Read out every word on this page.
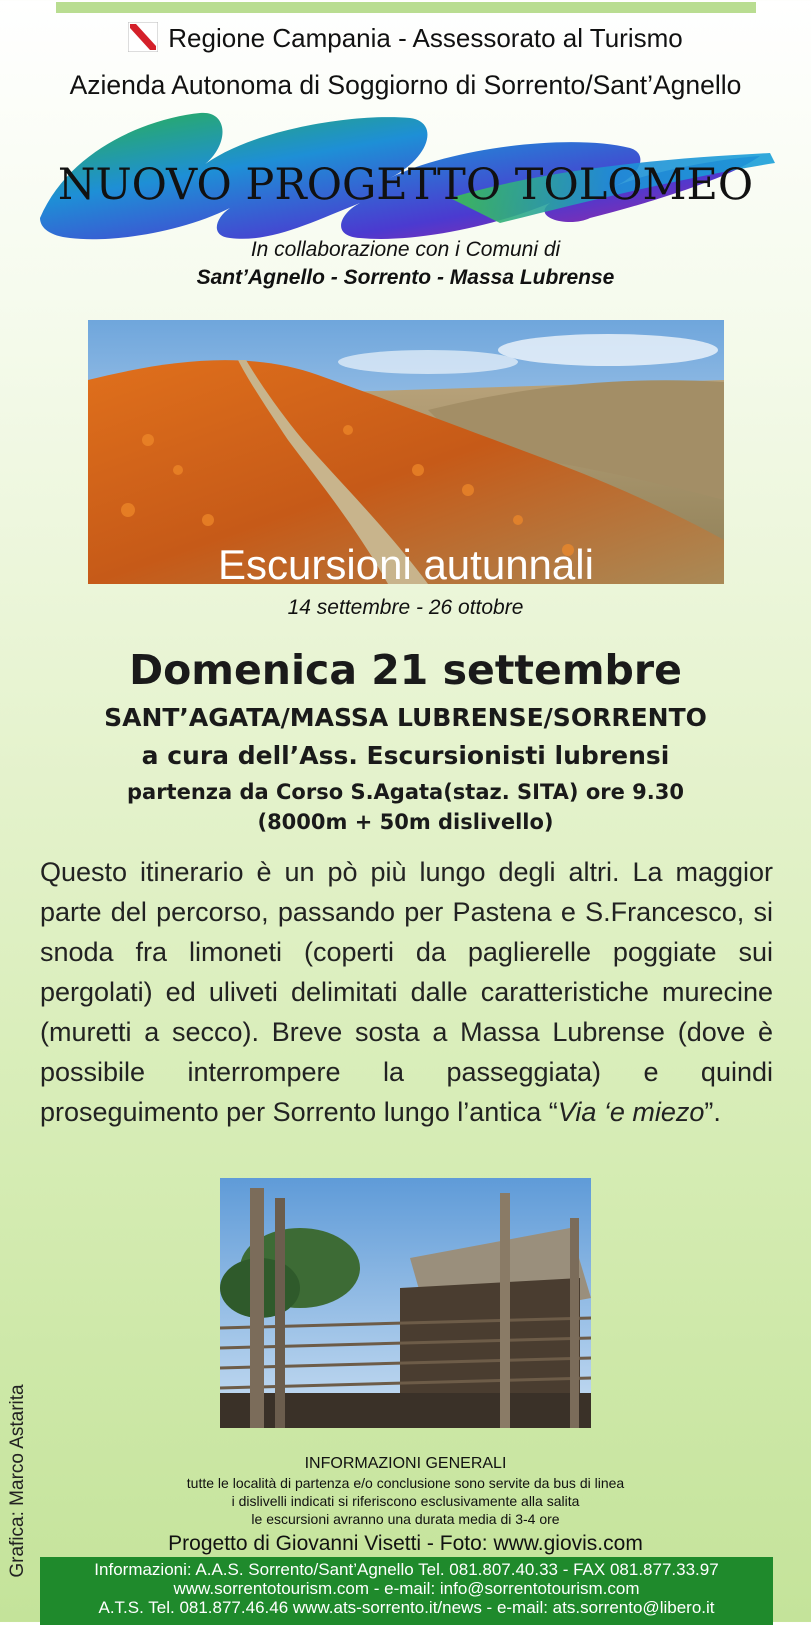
Regione Campania - Assessorato al Turismo
Azienda Autonoma di Soggiorno di Sorrento/Sant’Agnello
NUOVO PROGETTO TOLOMEO
In collaborazione con i Comuni di
Sant’Agnello - Sorrento - Massa Lubrense
Escursioni autunnali
14 settembre - 26 ottobre
Domenica 21 settembre
SANT’AGATA/MASSA LUBRENSE/SORRENTO
a cura dell’Ass. Escursionisti lubrensi
partenza da Corso S.Agata(staz. SITA) ore 9.30
(8000m + 50m dislivello)
Questo itinerario è un pò più lungo degli altri. La maggior parte del percorso, passando per Pastena e S.Francesco, si snoda fra limoneti (coperti da paglierelle poggiate sui pergolati) ed uliveti delimitati dalle caratteristiche murecine (muretti a secco). Breve sosta a Massa Lubrense (dove è possibile interrompere la passeggiata) e quindi proseguimento per Sorrento lungo l’antica “Via ‘e miezo”.
Grafica: Marco Astarita	INFORMAZIONI GENERALI
tutte le località di partenza e/o conclusione sono servite da bus di linea
i dislivelli indicati si riferiscono esclusivamente alla salita
le escursioni avranno una durata media di 3-4 ore
Progetto di Giovanni Visetti - Foto: www.giovis.com
Informazioni: A.A.S. Sorrento/Sant’Agnello Tel. 081.807.40.33 - FAX 081.877.33.97
www.sorrentotourism.com - e-mail: info@sorrentotourism.com
A.T.S. Tel. 081.877.46.46 www.ats-sorrento.it/news - e-mail: ats.sorrento@libero.it
